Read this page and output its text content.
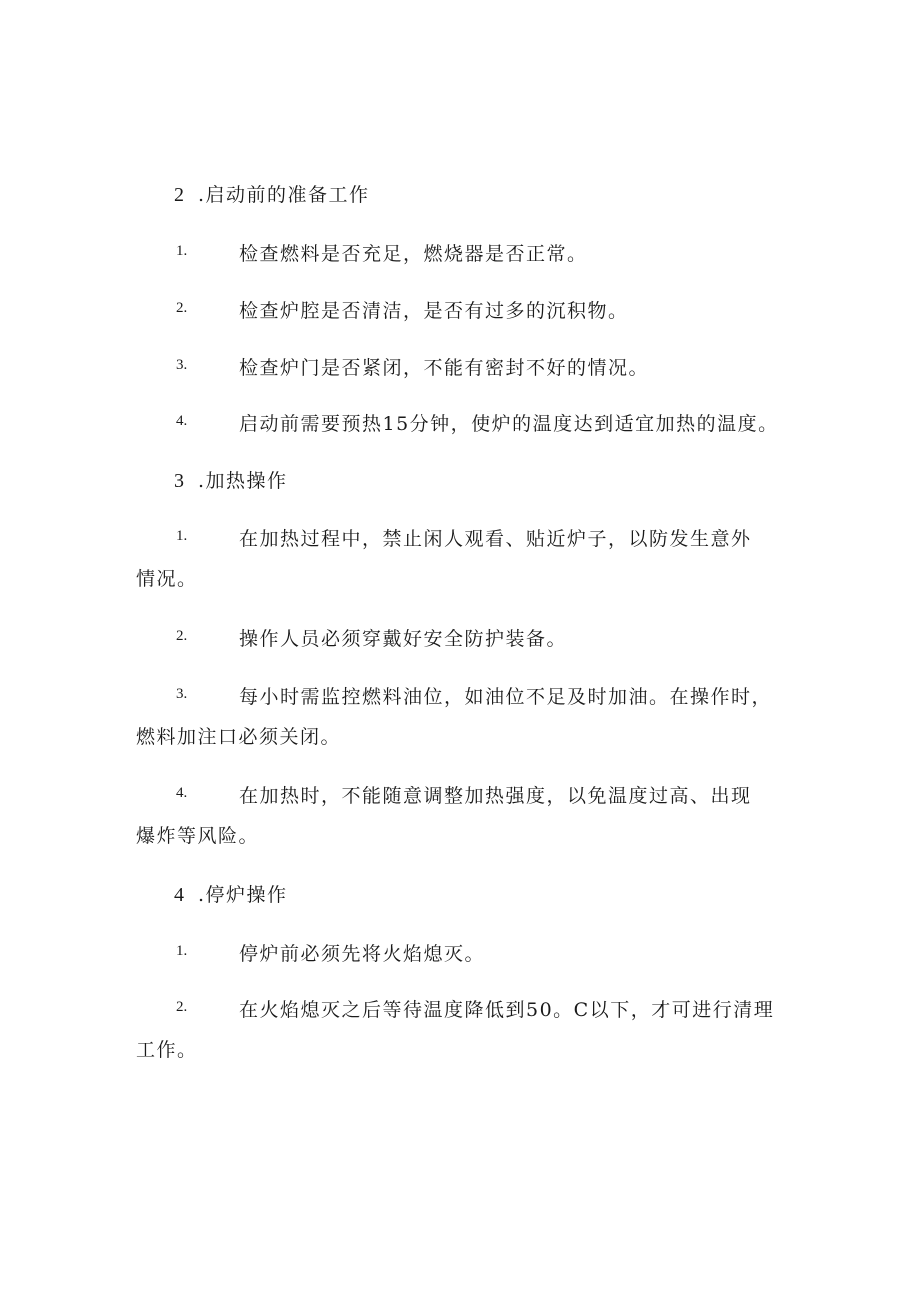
2 .启动前的准备工作
1.	检查燃料是否充足，燃烧器是否正常。
2.	检查炉腔是否清洁，是否有过多的沉积物。
3.	检查炉门是否紧闭，不能有密封不好的情况。
4.	启动前需要预热15分钟，使炉的温度达到适宜加热的温度。
3 .加热操作
1.	在加热过程中，禁止闲人观看、贴近炉子，以防发生意外
情况。
2.	操作人员必须穿戴好安全防护装备。
3.	每小时需监控燃料油位，如油位不足及时加油。在操作时，
燃料加注口必须关闭。
4.	在加热时，不能随意调整加热强度，以免温度过高、出现
爆炸等风险。
4 .停炉操作
1.	停炉前必须先将火焰熄灭。
2.	在火焰熄灭之后等待温度降低到50。C以下，才可进行清理
工作。
